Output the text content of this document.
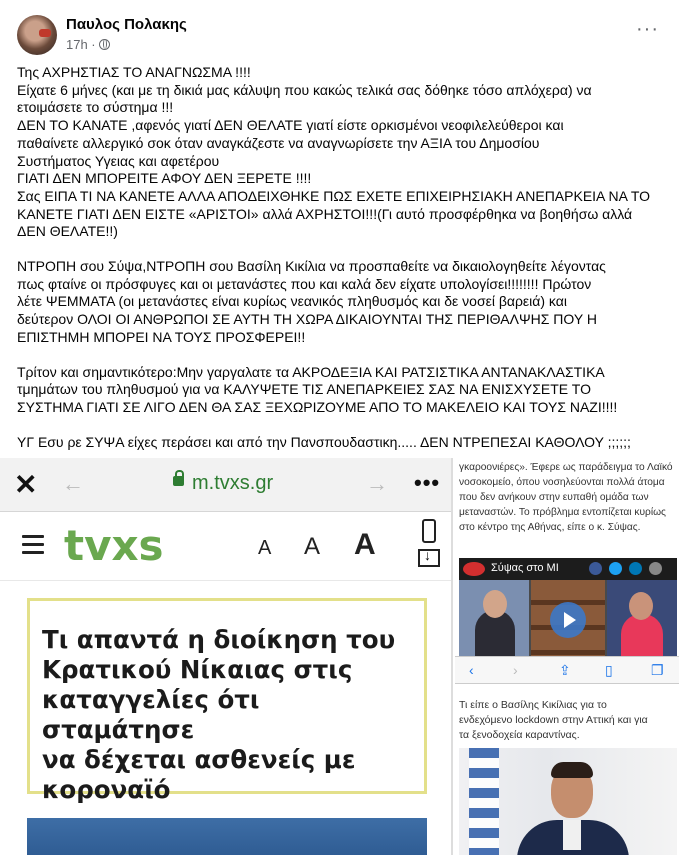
Παυλος Πολακης
17h ·
···

Της ΑΧΡΗΣΤΙΑΣ ΤΟ ΑΝΑΓΝΩΣΜΑ !!!!
Είχατε 6 μήνες (και με τη δικιά μας κάλυψη που κακώς τελικά σας δόθηκε τόσο απλόχερα) να
ετοιμάσετε το σύστημα !!!
ΔΕΝ ΤΟ ΚΑΝΑΤΕ ,αφενός γιατί ΔΕΝ ΘΕΛΑΤΕ γιατί είστε ορκισμένοι νεοφιλελεύθεροι και
παθαίνετε αλλεργικό σοκ όταν αναγκάζεστε να αναγνωρίσετε την ΑΞΙΑ του Δημοσίου
Συστήματος Υγειας και αφετέρου
ΓΙΑΤΙ ΔΕΝ ΜΠΟΡΕΙΤΕ ΑΦΟΥ ΔΕΝ ΞΕΡΕΤΕ !!!!
Σας ΕΙΠΑ ΤΙ ΝΑ ΚΑΝΕΤΕ ΑΛΛΑ ΑΠΟΔΕΙΧΘΗΚΕ ΠΩΣ ΕΧΕΤΕ ΕΠΙΧΕΙΡΗΣΙΑΚΗ ΑΝΕΠΑΡΚΕΙΑ ΝΑ ΤΟ
ΚΑΝΕΤΕ ΓΙΑΤΙ ΔΕΝ ΕΙΣΤΕ «ΑΡΙΣΤΟΙ» αλλά ΑΧΡΗΣΤΟΙ!!!(Γι αυτό προσφέρθηκα να βοηθήσω αλλά
ΔΕΝ ΘΕΛΑΤΕ!!)

ΝΤΡΟΠΗ σου Σύψα,ΝΤΡΟΠΗ σου Βασίλη Κικίλια να προσπαθείτε να δικαιολογηθείτε λέγοντας
πως φταίνε οι πρόσφυγες και οι μετανάστες που και καλά δεν είχατε υπολογίσει!!!!!!!! Πρώτον
λέτε ΨΕΜΜΑΤΑ (οι μετανάστες είναι κυρίως νεανικός πληθυσμός και δε νοσεί βαρειά) και
δεύτερον ΟΛΟΙ ΟΙ ΑΝΘΡΩΠΟΙ ΣΕ ΑΥΤΗ ΤΗ ΧΩΡΑ ΔΙΚΑΙΟΥΝΤΑΙ ΤΗΣ ΠΕΡΙΘΑΛΨΗΣ ΠΟΥ Η
ΕΠΙΣΤΗΜΗ ΜΠΟΡΕΙ ΝΑ ΤΟΥΣ ΠΡΟΣΦΕΡΕΙ!!

Τρίτον και σημαντικότερο:Μην γαργαλατε τα ΑΚΡΟΔΕΞΙΑ ΚΑΙ ΡΑΤΣΙΣΤΙΚΑ ΑΝΤΑΝΑΚΛΑΣΤΙΚΑ
τμημάτων του πληθυσμού για να ΚΑΛΥΨΕΤΕ ΤΙΣ ΑΝΕΠΑΡΚΕΙΕΣ ΣΑΣ ΝΑ ΕΝΙΣΧΥΣΕΤΕ ΤΟ
ΣΥΣΤΗΜΑ ΓΙΑΤΙ ΣΕ ΛΙΓΟ ΔΕΝ ΘΑ ΣΑΣ ΞΕΧΩΡΙΖΟΥΜΕ ΑΠΟ ΤΟ ΜΑΚΕΛΕΙΟ ΚΑΙ ΤΟΥΣ ΝΑΖΙ!!!!

ΥΓ Εσυ ρε ΣΥΨΑ είχες περάσει και από την Πανσπουδαστικη..... ΔΕΝ ΝΤΡΕΠΕΣΑΙ ΚΑΘΟΛΟΥ ;;;;;;

✕ ←	m.tvxs.gr	→ •••
tvxs	A A A
↓
Τι απαντά η διοίκηση του
Κρατικού Νίκαιας στις
καταγγελίες ότι σταμάτησε
να δέχεται ασθενείς με
κοροναϊό
γκαροονιέρες». Έφερε ως παράδειγμα το Λαϊκό
νοσοκομείο, όπου νοσηλεύονται πολλά άτομα
που δεν ανήκουν στην ευπαθή ομάδα των
μεταναστών. Το πρόβλημα εντοπίζεται κυρίως
στο κέντρο της Αθήνας, είπε ο κ. Σύψας.
Σύψας στο ΜΙ
‹	›	⇪ ▯	❐
Τι είπε ο Βασίλης Κικίλιας για το
ενδεχόμενο lockdown στην Αττική και για
τα ξενοδοχεία καραντίνας.
